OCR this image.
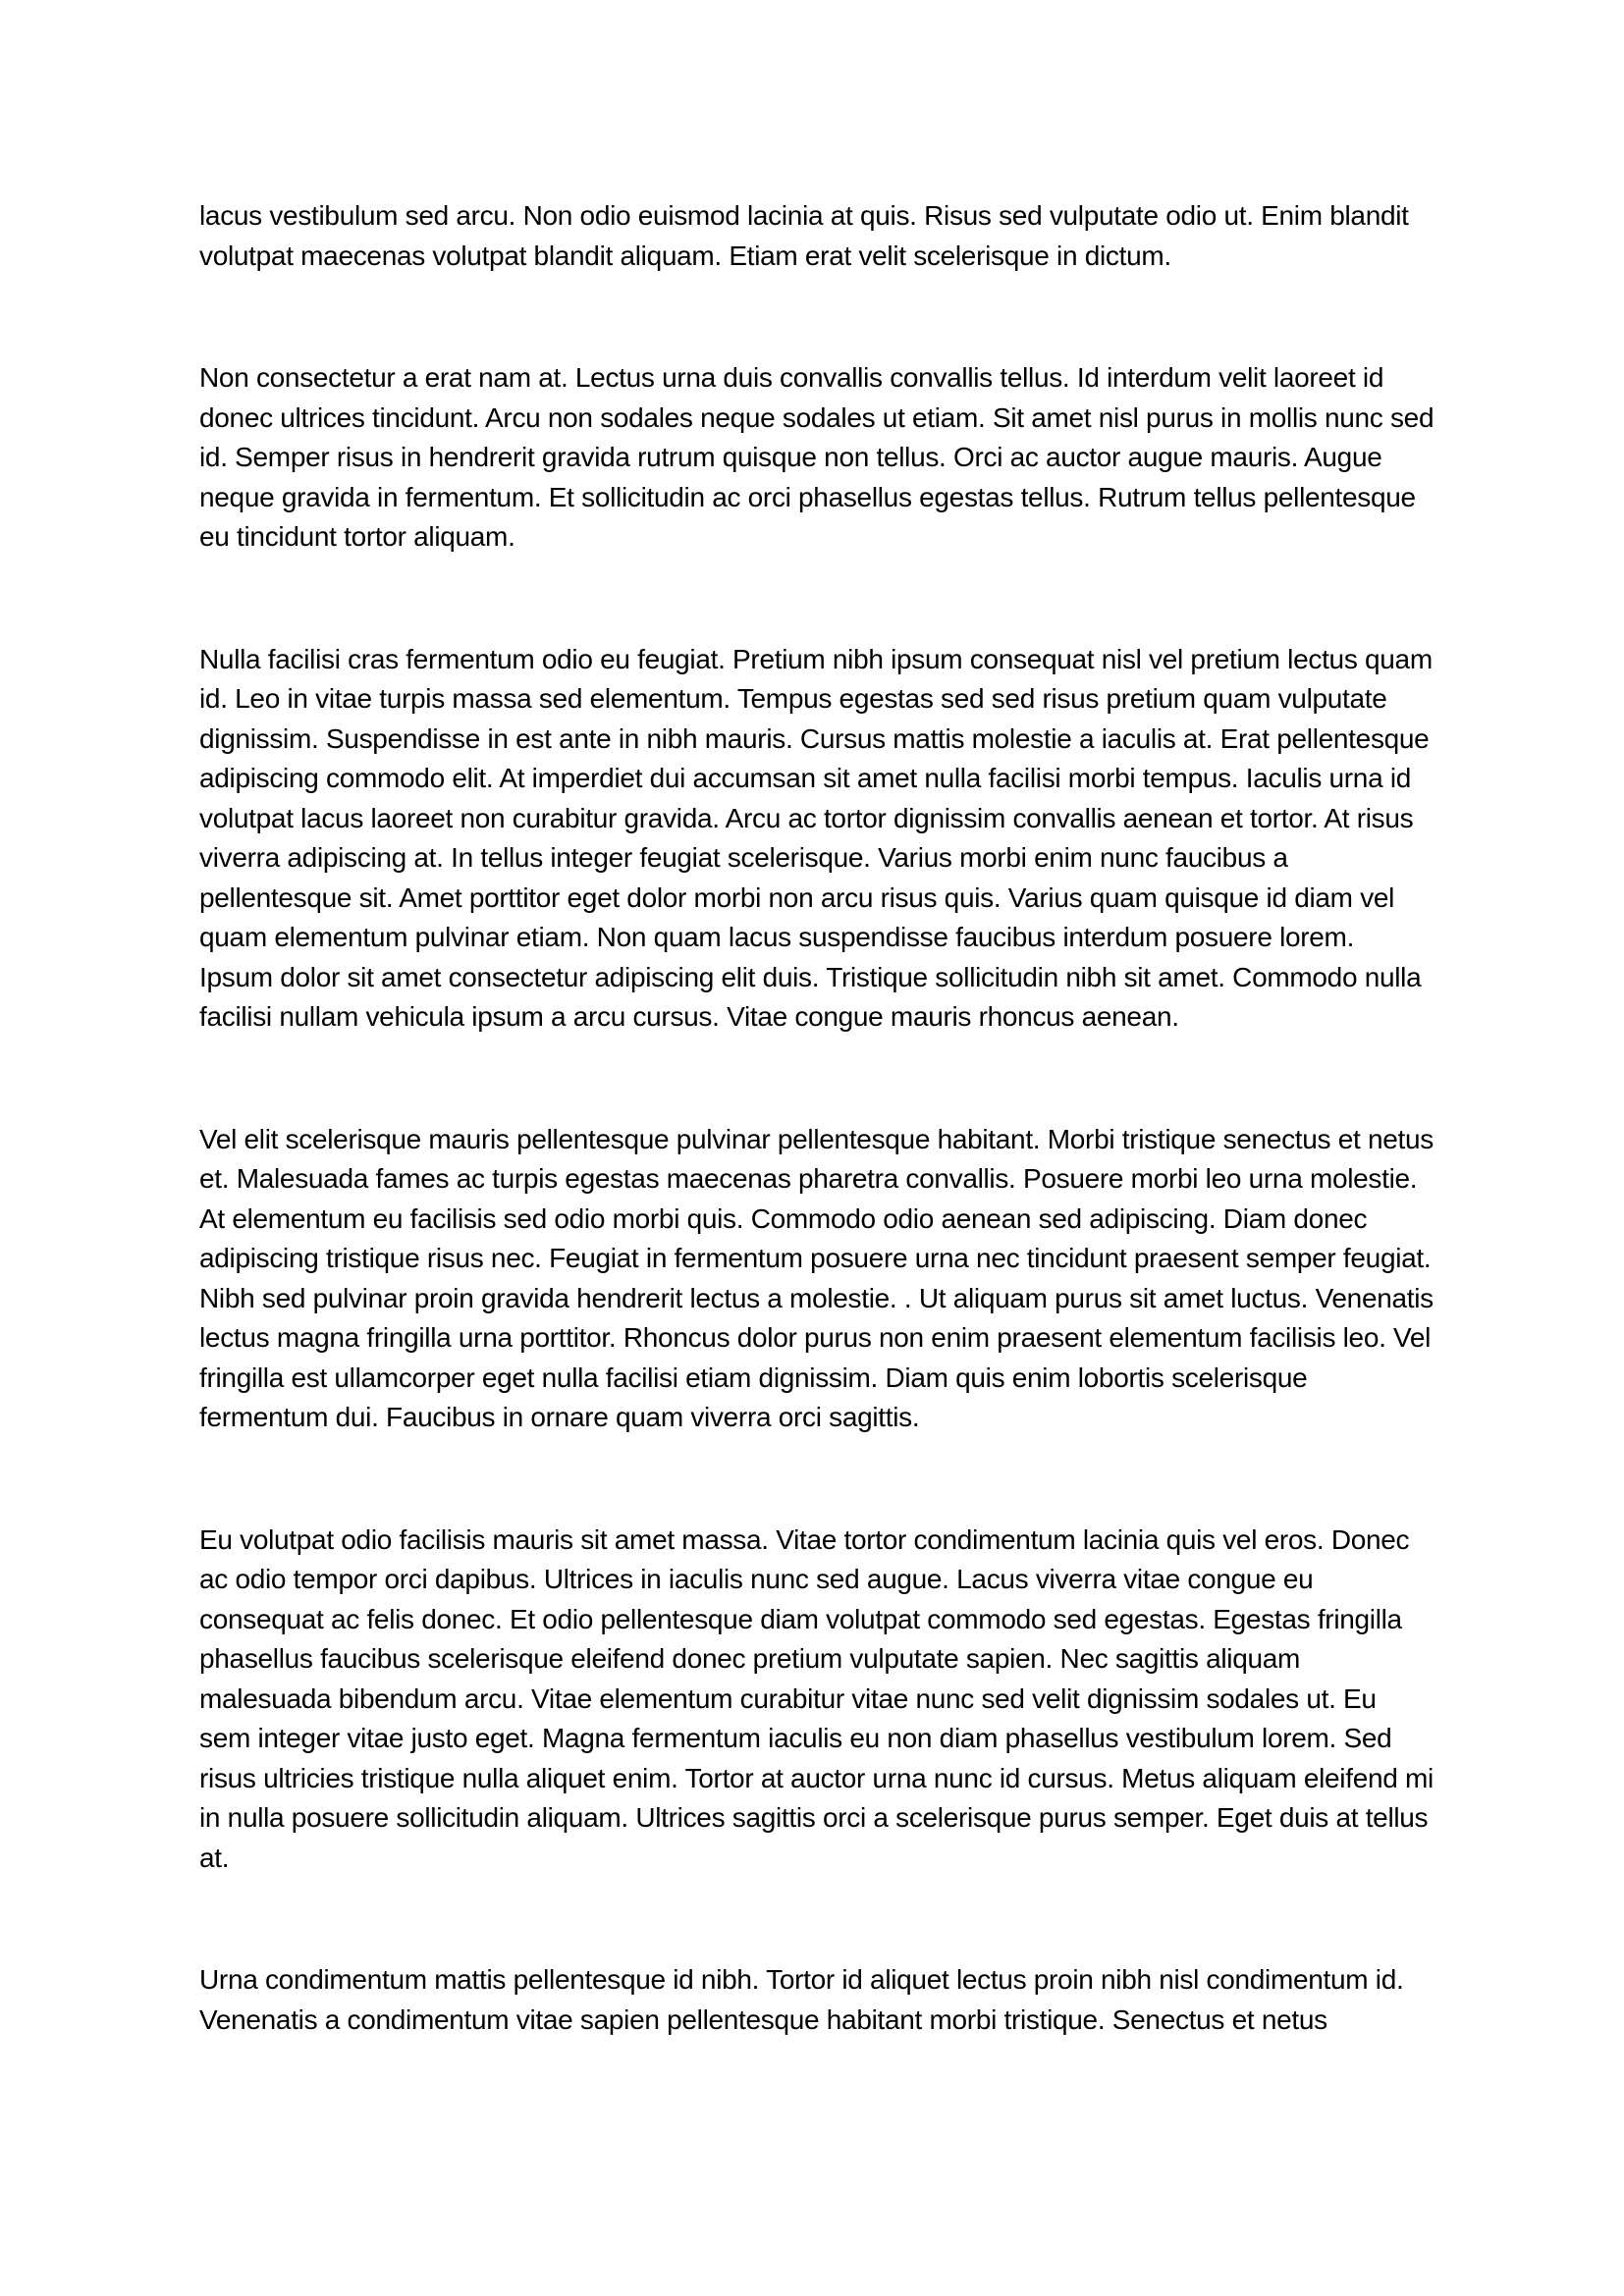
lacus vestibulum sed arcu. Non odio euismod lacinia at quis. Risus sed vulputate odio ut. Enim blandit volutpat maecenas volutpat blandit aliquam. Etiam erat velit scelerisque in dictum.

Non consectetur a erat nam at. Lectus urna duis convallis convallis tellus. Id interdum velit laoreet id donec ultrices tincidunt. Arcu non sodales neque sodales ut etiam. Sit amet nisl purus in mollis nunc sed id. Semper risus in hendrerit gravida rutrum quisque non tellus. Orci ac auctor augue mauris. Augue neque gravida in fermentum. Et sollicitudin ac orci phasellus egestas tellus. Rutrum tellus pellentesque eu tincidunt tortor aliquam.

Nulla facilisi cras fermentum odio eu feugiat. Pretium nibh ipsum consequat nisl vel pretium lectus quam id. Leo in vitae turpis massa sed elementum. Tempus egestas sed sed risus pretium quam vulputate dignissim. Suspendisse in est ante in nibh mauris. Cursus mattis molestie a iaculis at. Erat pellentesque adipiscing commodo elit. At imperdiet dui accumsan sit amet nulla facilisi morbi tempus. Iaculis urna id volutpat lacus laoreet non curabitur gravida. Arcu ac tortor dignissim convallis aenean et tortor. At risus viverra adipiscing at. In tellus integer feugiat scelerisque. Varius morbi enim nunc faucibus a pellentesque sit. Amet porttitor eget dolor morbi non arcu risus quis. Varius quam quisque id diam vel quam elementum pulvinar etiam. Non quam lacus suspendisse faucibus interdum posuere lorem. Ipsum dolor sit amet consectetur adipiscing elit duis. Tristique sollicitudin nibh sit amet. Commodo nulla facilisi nullam vehicula ipsum a arcu cursus. Vitae congue mauris rhoncus aenean.

Vel elit scelerisque mauris pellentesque pulvinar pellentesque habitant. Morbi tristique senectus et netus et. Malesuada fames ac turpis egestas maecenas pharetra convallis. Posuere morbi leo urna molestie. At elementum eu facilisis sed odio morbi quis. Commodo odio aenean sed adipiscing. Diam donec adipiscing tristique risus nec. Feugiat in fermentum posuere urna nec tincidunt praesent semper feugiat. Nibh sed pulvinar proin gravida hendrerit lectus a molestie. . Ut aliquam purus sit amet luctus. Venenatis lectus magna fringilla urna porttitor. Rhoncus dolor purus non enim praesent elementum facilisis leo. Vel fringilla est ullamcorper eget nulla facilisi etiam dignissim. Diam quis enim lobortis scelerisque fermentum dui. Faucibus in ornare quam viverra orci sagittis.

Eu volutpat odio facilisis mauris sit amet massa. Vitae tortor condimentum lacinia quis vel eros. Donec ac odio tempor orci dapibus. Ultrices in iaculis nunc sed augue. Lacus viverra vitae congue eu consequat ac felis donec. Et odio pellentesque diam volutpat commodo sed egestas. Egestas fringilla phasellus faucibus scelerisque eleifend donec pretium vulputate sapien. Nec sagittis aliquam malesuada bibendum arcu. Vitae elementum curabitur vitae nunc sed velit dignissim sodales ut. Eu sem integer vitae justo eget. Magna fermentum iaculis eu non diam phasellus vestibulum lorem. Sed risus ultricies tristique nulla aliquet enim. Tortor at auctor urna nunc id cursus. Metus aliquam eleifend mi in nulla posuere sollicitudin aliquam. Ultrices sagittis orci a scelerisque purus semper. Eget duis at tellus at.

Urna condimentum mattis pellentesque id nibh. Tortor id aliquet lectus proin nibh nisl condimentum id. Venenatis a condimentum vitae sapien pellentesque habitant morbi tristique. Senectus et netus
